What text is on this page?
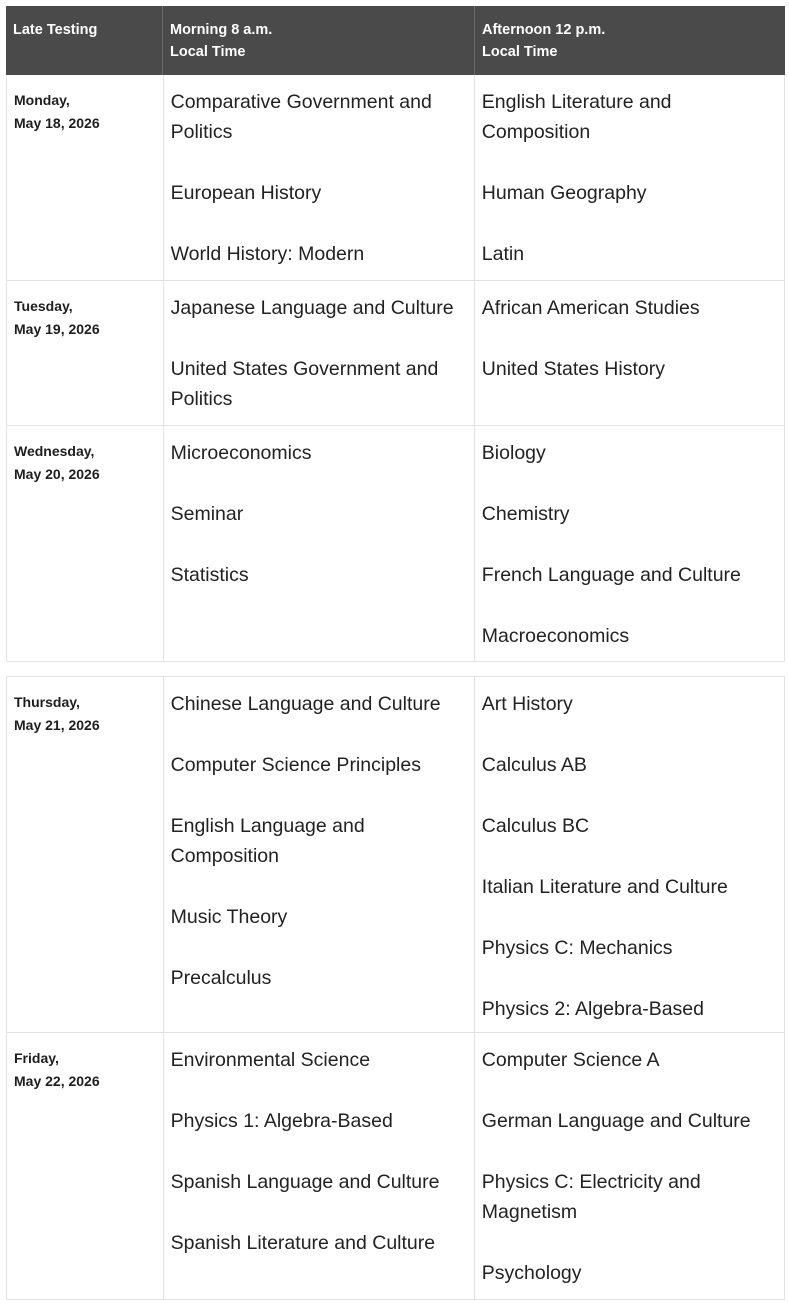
Late Testing	Morning 8 a.m.
Local Time
Afternoon 12 p.m.
Local Time
Monday,
May 18, 2026
Comparative Government and Politics
European History
World History: Modern
English Literature and Composition
Human Geography
Latin
Tuesday,
May 19, 2026
Japanese Language and Culture
United States Government and Politics
African American Studies
United States History
Wednesday,
May 20, 2026
Microeconomics
Seminar
Statistics
Biology
Chemistry
French Language and Culture
Macroeconomics
Thursday,
May 21, 2026
Chinese Language and Culture
Computer Science Principles
English Language and Composition
Music Theory
Precalculus
Art History
Calculus AB
Calculus BC
Italian Literature and Culture
Physics C: Mechanics
Physics 2: Algebra-Based
Friday,
May 22, 2026
Environmental Science
Physics 1: Algebra-Based
Spanish Language and Culture
Spanish Literature and Culture
Computer Science A
German Language and Culture
Physics C: Electricity and Magnetism
Psychology
